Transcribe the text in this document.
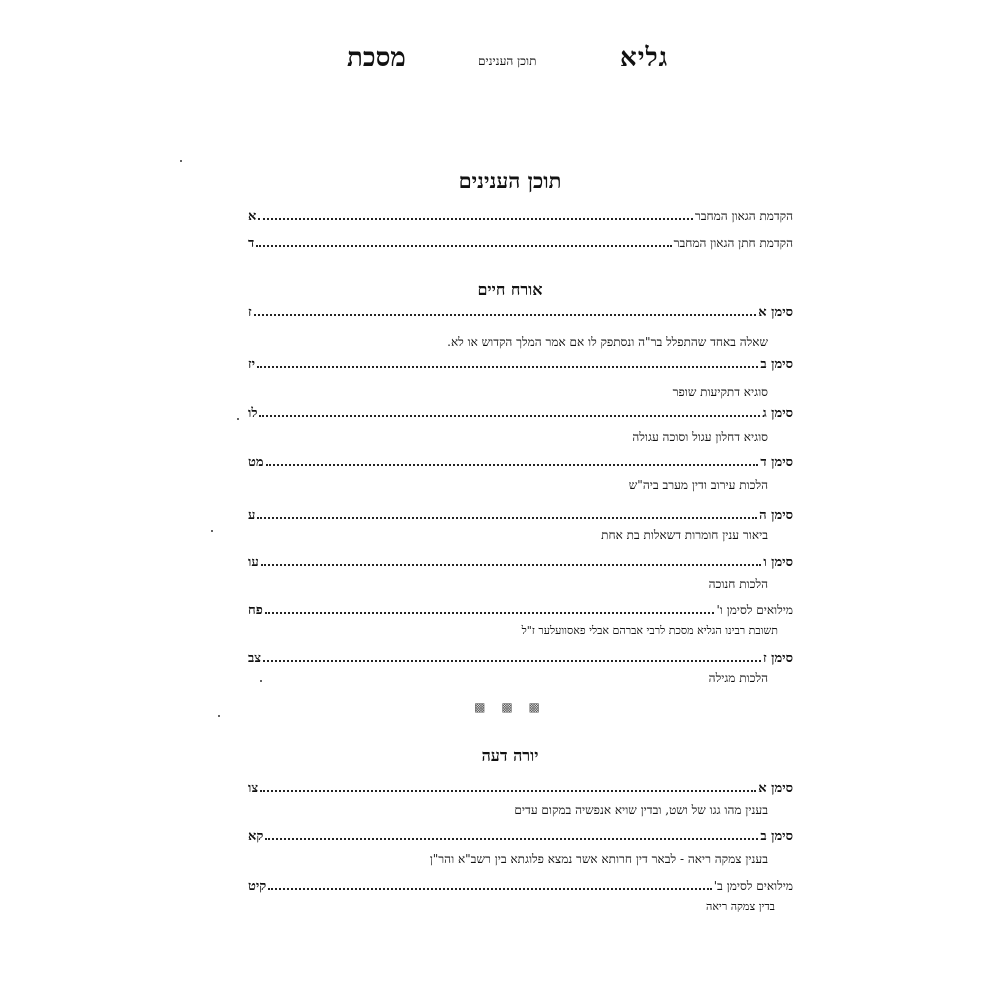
מסכת	תוכן הענינים	גליא
תוכן הענינים
הקדמת הגאון המחבר
א
הקדמת חתן הגאון המחבר
ד
אורח חיים
סימן א
ז
שאלה באחד שהתפלל בר"ה ונסתפק לו אם אמר המלך הקדוש או לא.
סימן ב
יז
סוגיא דתקיעות שופר
סימן ג
לו
סוגיא דחלון עגול וסוכה עגולה
סימן ד
מט
הלכות עירוב ודין מערב ביה"ש
סימן ה
ע
ביאור ענין חומרות דשאלות בת אחת
סימן ו
עו
הלכות חנוכה
מילואים לסימן ו'
פח
תשובת רבינו הגליא מסכת לרבי אברהם אבלי פאסוועלער ז"ל
סימן ז
צב
הלכות מגילה
▩ ▩ ▩
יורה דעה
סימן א
צו
בענין מהו גגו של ושט, ובדין שויא אנפשיה במקום עדים
סימן ב
קא
בענין צמקה ריאה - לבאר דין חרותא אשר נמצא פלוגתא בין רשב"א והר"ן
מילואים לסימן ב'
קיט
בדין צמקה ריאה
